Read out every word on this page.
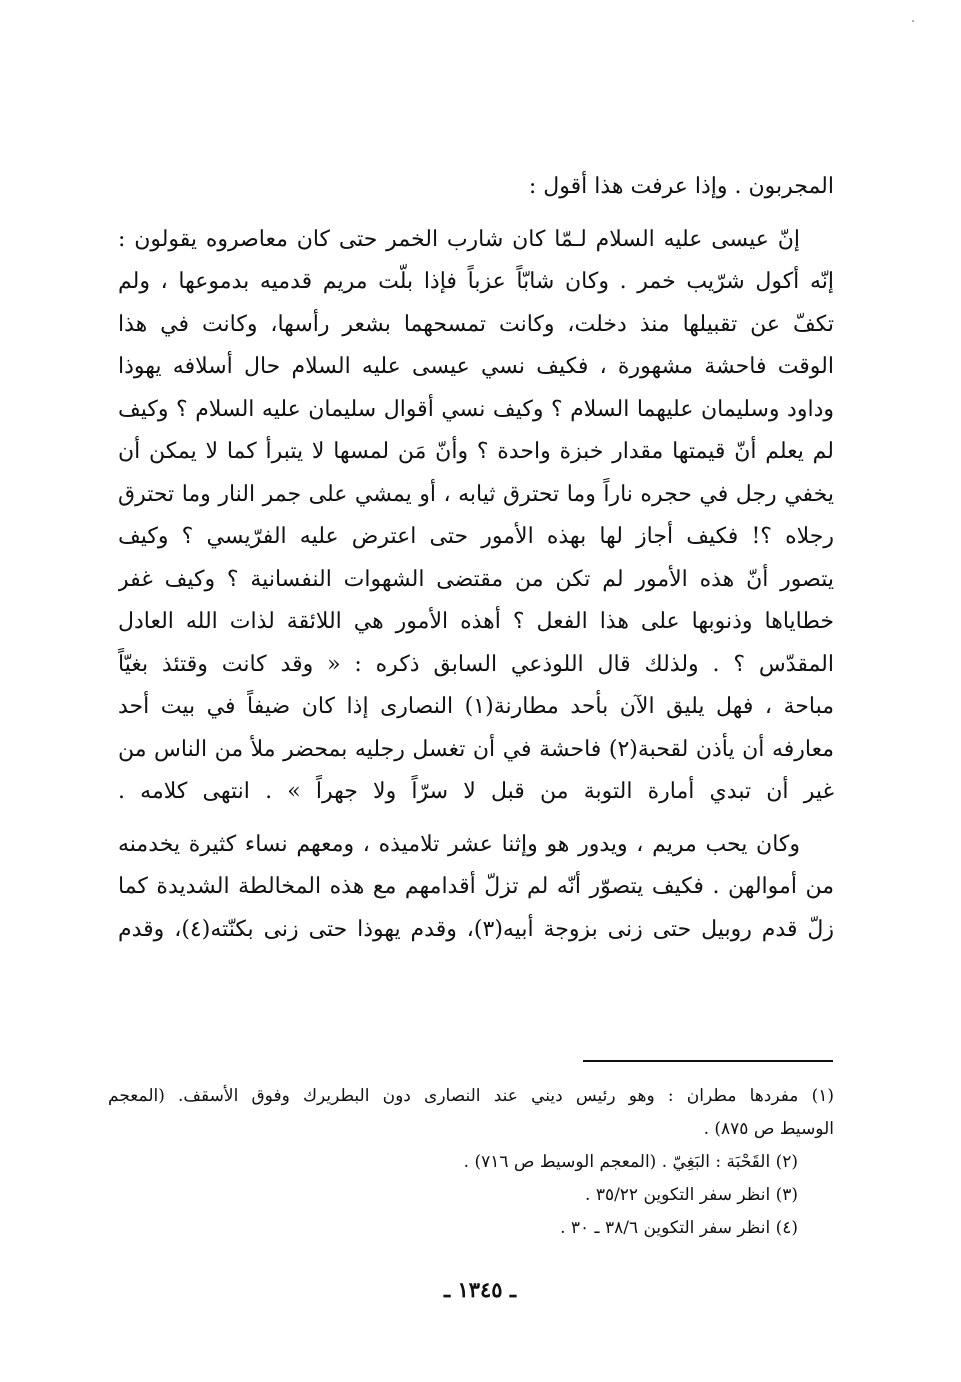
المجربون . وإذا عرفت هذا أقول :
إنّ عيسى عليه السلام لـمّا كان شارب الخمر حتى كان معاصروه يقولون :
إنّه أكول شرّيب خمر . وكان شابّاً عزباً فإذا بلّت مريم قدميه بدموعها ، ولم
تكفّ عن تقبيلها منذ دخلت، وكانت تمسحهما بشعر رأسها، وكانت في هذا
الوقت فاحشة مشهورة ، فكيف نسي عيسى عليه السلام حال أسلافه يهوذا
وداود وسليمان عليهما السلام ؟ وكيف نسي أقوال سليمان عليه السلام ؟ وكيف
لم يعلم أنّ قيمتها مقدار خبزة واحدة ؟ وأنّ مَن لمسها لا يتبرأ كما لا يمكن أن
يخفي رجل في حجره ناراً وما تحترق ثيابه ، أو يمشي على جمر النار وما تحترق
رجلاه ؟! فكيف أجاز لها بهذه الأمور حتى اعترض عليه الفرّيسي ؟ وكيف
يتصور أنّ هذه الأمور لم تكن من مقتضى الشهوات النفسانية ؟ وكيف غفر
خطاياها وذنوبها على هذا الفعل ؟ أهذه الأمور هي اللائقة لذات الله العادل
المقدّس ؟ . ولذلك قال اللوذعي السابق ذكره : « وقد كانت وقتئذ بغيّاً
مباحة ، فهل يليق الآن بأحد مطارنة(١) النصارى إذا كان ضيفاً في بيت أحد
معارفه أن يأذن لقحبة(٢) فاحشة في أن تغسل رجليه بمحضر ملأ من الناس من
غير أن تبدي أمارة التوبة من قبل لا سرّاً ولا جهراً » . انتهى كلامه .
وكان يحب مريم ، ويدور هو وإثنا عشر تلاميذه ، ومعهم نساء كثيرة يخدمنه
من أموالهن . فكيف يتصوّر أنّه لم تزلّ أقدامهم مع هذه المخالطة الشديدة كما
زلّ قدم روبيل حتى زنى بزوجة أبيه(٣)، وقدم يهوذا حتى زنى بكنّته(٤)، وقدم
(١) مفردها مطران : وهو رئيس ديني عند النصارى دون البطريرك وفوق الأسقف. (المعجم
الوسيط ص ٨٧٥) .
(٢) القَحْبَة : البَغِيّ . (المعجم الوسيط ص ٧١٦) .
(٣) انظر سفر التكوين ٣٥/٢٢ .
(٤) انظر سفر التكوين ٣٨/٦ ـ ٣٠ .
ـ ١٣٤٥ ـ
